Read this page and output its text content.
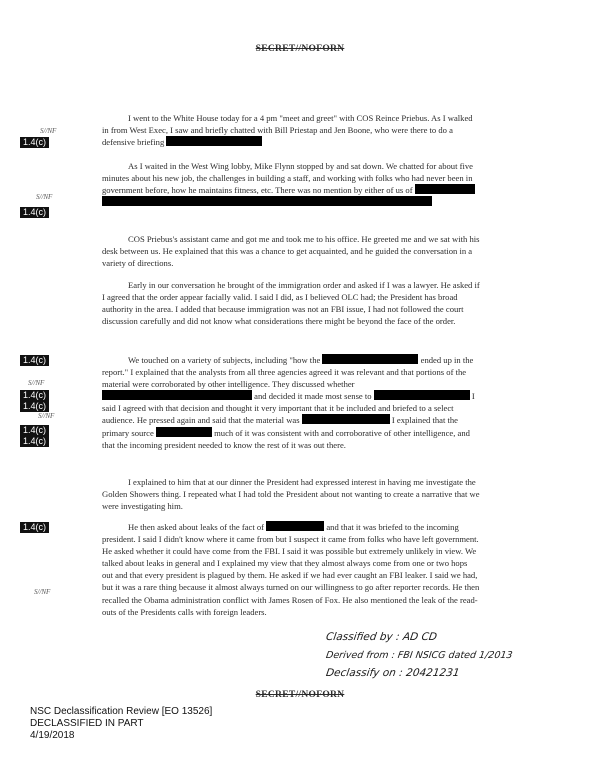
SECRET//NOFORN
1.4(c)
1.4(c)
1.4(c)
1.4(c)
1.4(c)
1.4(c)
1.4(c)
1.4(c)
S//NF
S//NF
S//NF
S//NF
S//NF

I went to the White House today for a 4 pm "meet and greet" with COS Reince Priebus. As I walked in from West Exec, I saw and briefly chatted with Bill Priestap and Jen Boone, who were there to do a defensive briefing

As I waited in the West Wing lobby, Mike Flynn stopped by and sat down. We chatted for about five minutes about his new job, the challenges in building a staff, and working with folks who had never been in government before, how he maintains fitness, etc. There was no mention by either of us of

COS Priebus's assistant came and got me and took me to his office. He greeted me and we sat with his desk between us. He explained that this was a chance to get acquainted, and he guided the conversation in a variety of directions.

Early in our conversation he brought of the immigration order and asked if I was a lawyer. He asked if I agreed that the order appear facially valid. I said I did, as I believed OLC had; the President has broad authority in the area. I added that because immigration was not an FBI issue, I had not followed the court discussion carefully and did not know what considerations there might be beyond the face of the order.

We touched on a variety of subjects, including "how the	ended up in the report." I explained that the analysts from all three agencies agreed it was relevant and that portions of the material were corroborated by other intelligence. They discussed whether  and decided it made most sense to	I said I agreed with that decision and thought it very important that it be included and briefed to a select audience. He pressed again and said that the material was	I explained that the primary source	much of it was consistent with and corroborative of other intelligence, and that the incoming president needed to know the rest of it was out there.

I explained to him that at our dinner the President had expressed interest in having me investigate the Golden Showers thing. I repeated what I had told the President about not wanting to create a narrative that we were investigating him.

He then asked about leaks of the fact of	and that it was briefed to the incoming president. I said I didn't know where it came from but I suspect it came from folks who have left government. He asked whether it could have come from the FBI. I said it was possible but extremely unlikely in view. We talked about leaks in general and I explained my view that they almost always come from one or two hops out and that every president is plagued by them. He asked if we had ever caught an FBI leaker. I said we had, but it was a rare thing because it almost always turned on our willingness to go after reporter records. He then recalled the Obama administration conflict with James Rosen of Fox. He also mentioned the leak of the read-outs of the Presidents calls with foreign leaders.

Classified by : AD CD
Derived from : FBI NSICG dated 1/2013
Declassify on : 20421231
SECRET//NOFORN
NSC Declassification Review [EO 13526]
DECLASSIFIED IN PART
4/19/2018
